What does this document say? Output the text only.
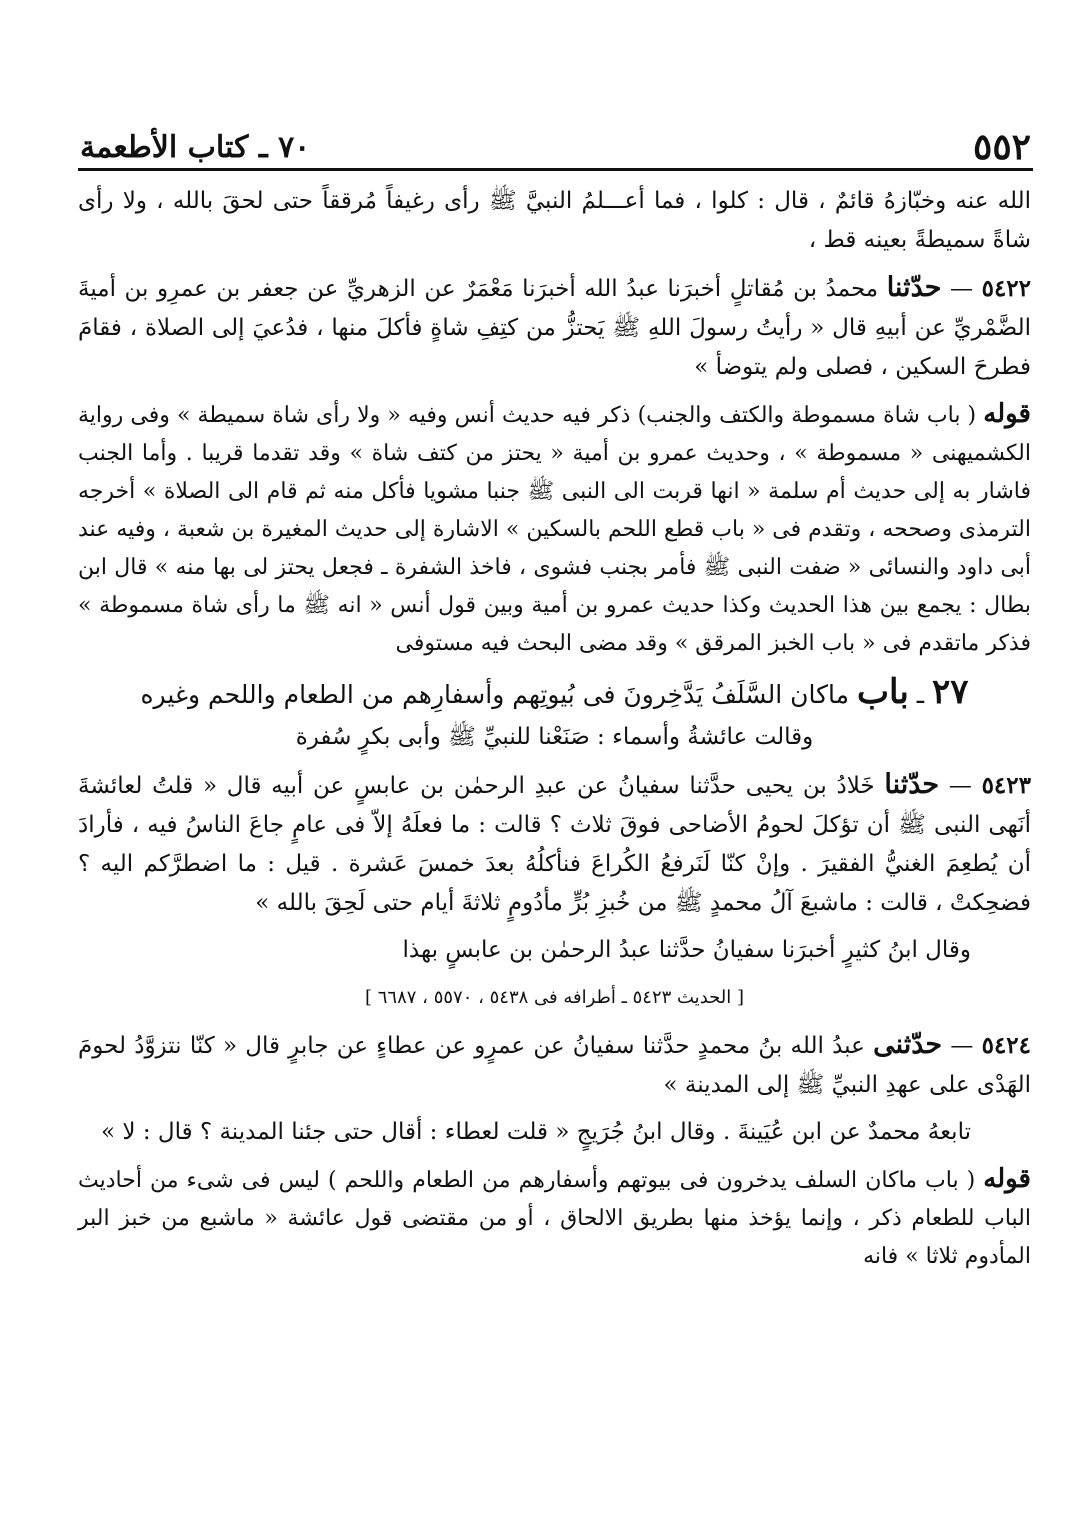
٧٠ ـ كتاب الأطعمة	٥٥٢

الله عنه وخبّازهُ قائمٌ ، قال : كلوا ، فما أعـــلمُ النبيَّ ﷺ رأى رغيفاً مُرققاً حتى لحقَ بالله ، ولا رأى شاةً سميطةً بعينه قط ،

٥٤٢٢ — حدّثنا محمدُ بن مُقاتلٍ أخبرَنا عبدُ الله أخبرَنا مَعْمَرٌ عن الزهريِّ عن جعفر بن عمرِو بن أميةَ الضَّمْريِّ عن أبيهِ قال « رأيتُ رسولَ اللهِ ﷺ يَحتزُّ من كتِفِ شاةٍ فأكلَ منها ، فدُعيَ إلى الصلاة ، فقامَ فطرحَ السكين ، فصلى ولم يتوضأ »

قوله ( باب شاة مسموطة والكتف والجنب) ذكر فيه حديث أنس وفيه « ولا رأى شاة سميطة » وفى رواية الكشميهنى « مسموطة » ، وحديث عمرو بن أمية « يحتز من كتف شاة » وقد تقدما قريبا . وأما الجنب فاشار به إلى حديث أم سلمة « انها قربت الى النبى ﷺ جنبا مشويا فأكل منه ثم قام الى الصلاة » أخرجه الترمذى وصححه ، وتقدم فى « باب قطع اللحم بالسكين » الاشارة إلى حديث المغيرة بن شعبة ، وفيه عند أبى داود والنسائى « ضفت النبى ﷺ فأمر بجنب فشوى ، فاخذ الشفرة ـ فجعل يحتز لى بها منه » قال ابن بطال : يجمع بين هذا الحديث وكذا حديث عمرو بن أمية وبين قول أنس « انه ﷺ ما رأى شاة مسموطة » فذكر ماتقدم فى « باب الخبز المرقق » وقد مضى البحث فيه مستوفى

٢٧ ـ باب ماكان السَّلَفُ يَدَّخِرونَ فى بُيوتِهم وأسفارِهم من الطعام واللحم وغيره

وقالت عائشةُ وأسماء : صَنَعْنا للنبيِّ ﷺ وأبى بكرٍ سُفرة

٥٤٢٣ — حدّثنا خَلادُ بن يحيى حدَّثنا سفيانُ عن عبدِ الرحمٰن بن عابسٍ عن أبيه قال « قلتُ لعائشةَ أنَهى النبى ﷺ أن تؤكلَ لحومُ الأضاحى فوقَ ثلاث ؟ قالت : ما فعلَهُ إلاّ فى عامٍ جاعَ الناسُ فيه ، فأرادَ أن يُطعِمَ الغنيُّ الفقيرَ . وإنْ كنّا لَنَرفعُ الكُراعَ فنأكلُهُ بعدَ خمسَ عَشرة . قيل : ما اضطرَّكم اليه ؟ فضحِكتْ ، قالت : ماشبعَ آلُ محمدٍ ﷺ من خُبزِ بُرٍّ مأدُومٍ ثلاثةَ أيام حتى لَحِقَ بالله »

وقال ابنُ كثيرٍ أخبرَنا سفيانُ حدَّثنا عبدُ الرحمٰن بن عابسٍ بهذا

[ الحديث ٥٤٢٣ ـ أطرافه فى ٥٤٣٨ ، ٥٥٧٠ ، ٦٦٨٧ ]

٥٤٢٤ — حدّثنى عبدُ الله بنُ محمدٍ حدَّثنا سفيانُ عن عمرٍو عن عطاءٍ عن جابرٍ قال « كنّا نتزوَّدُ لحومَ الهَدْى على عهدِ النبيِّ ﷺ إلى المدينة »

تابعهُ محمدٌ عن ابن عُيَينةَ . وقال ابنُ جُرَيجٍ « قلت لعطاء : أقال حتى جئنا المدينة ؟ قال : لا »

قوله ( باب ماكان السلف يدخرون فى بيوتهم وأسفارهم من الطعام واللحم ) ليس فى شىء من أحاديث الباب للطعام ذكر ، وإنما يؤخذ منها بطريق الالحاق ، أو من مقتضى قول عائشة « ماشبع من خبز البر المأدوم ثلاثا » فانه
